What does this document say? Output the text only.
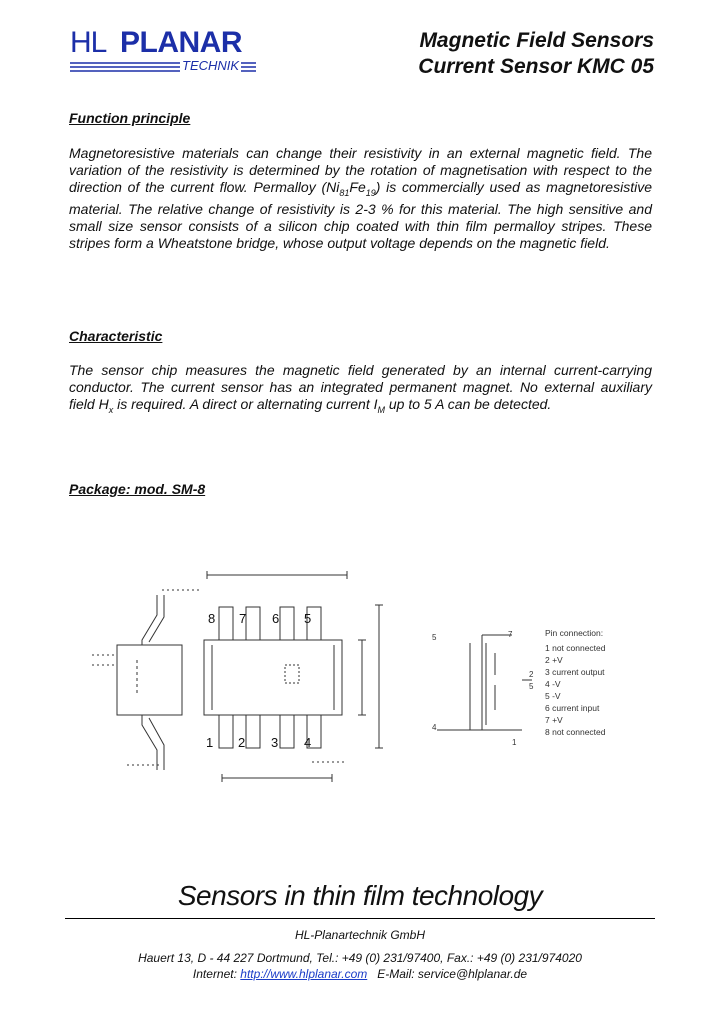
HL PLANAR
TECHNIK
Magnetic Field Sensors
Current Sensor KMC 05
Function principle
Magnetoresistive materials can change their resistivity in an external magnetic field. The variation of the resistivity is determined by the rotation of magnetisation with respect to the direction of the current flow. Permalloy $(Ni_{81}Fe_{19})$ is commercially used as magnetoresistive material. The relative change of resistivity is 2-3 % for this material. The high sensitive and small size sensor consists of a silicon chip coated with thin film permalloy stripes. These stripes form a Wheatstone bridge, whose output voltage depends on the magnetic field.
Characteristic
The sensor chip measures the magnetic field generated by an internal current-carrying conductor. The current sensor has an integrated permanent magnet. No external auxiliary field $H_x$ is required. A direct or alternating current $I_M$ up to 5 A can be detected.
Package: mod. SM-8
8 7 6 5
1 2 3 4
5	7
2
5
4
1
Pin connection:
1 not connected
2 +V
3 current output
4 -V
5 -V
6 current input
7 +V
8 not connected
Sensors in thin film technology
HL-Planartechnik GmbH
Hauert 13, D - 44 227 Dortmund, Tel.: +49 (0) 231/97400, Fax.: +49 (0) 231/974020
Internet: http://www.hlplanar.com E-Mail: service@hlplanar.de
